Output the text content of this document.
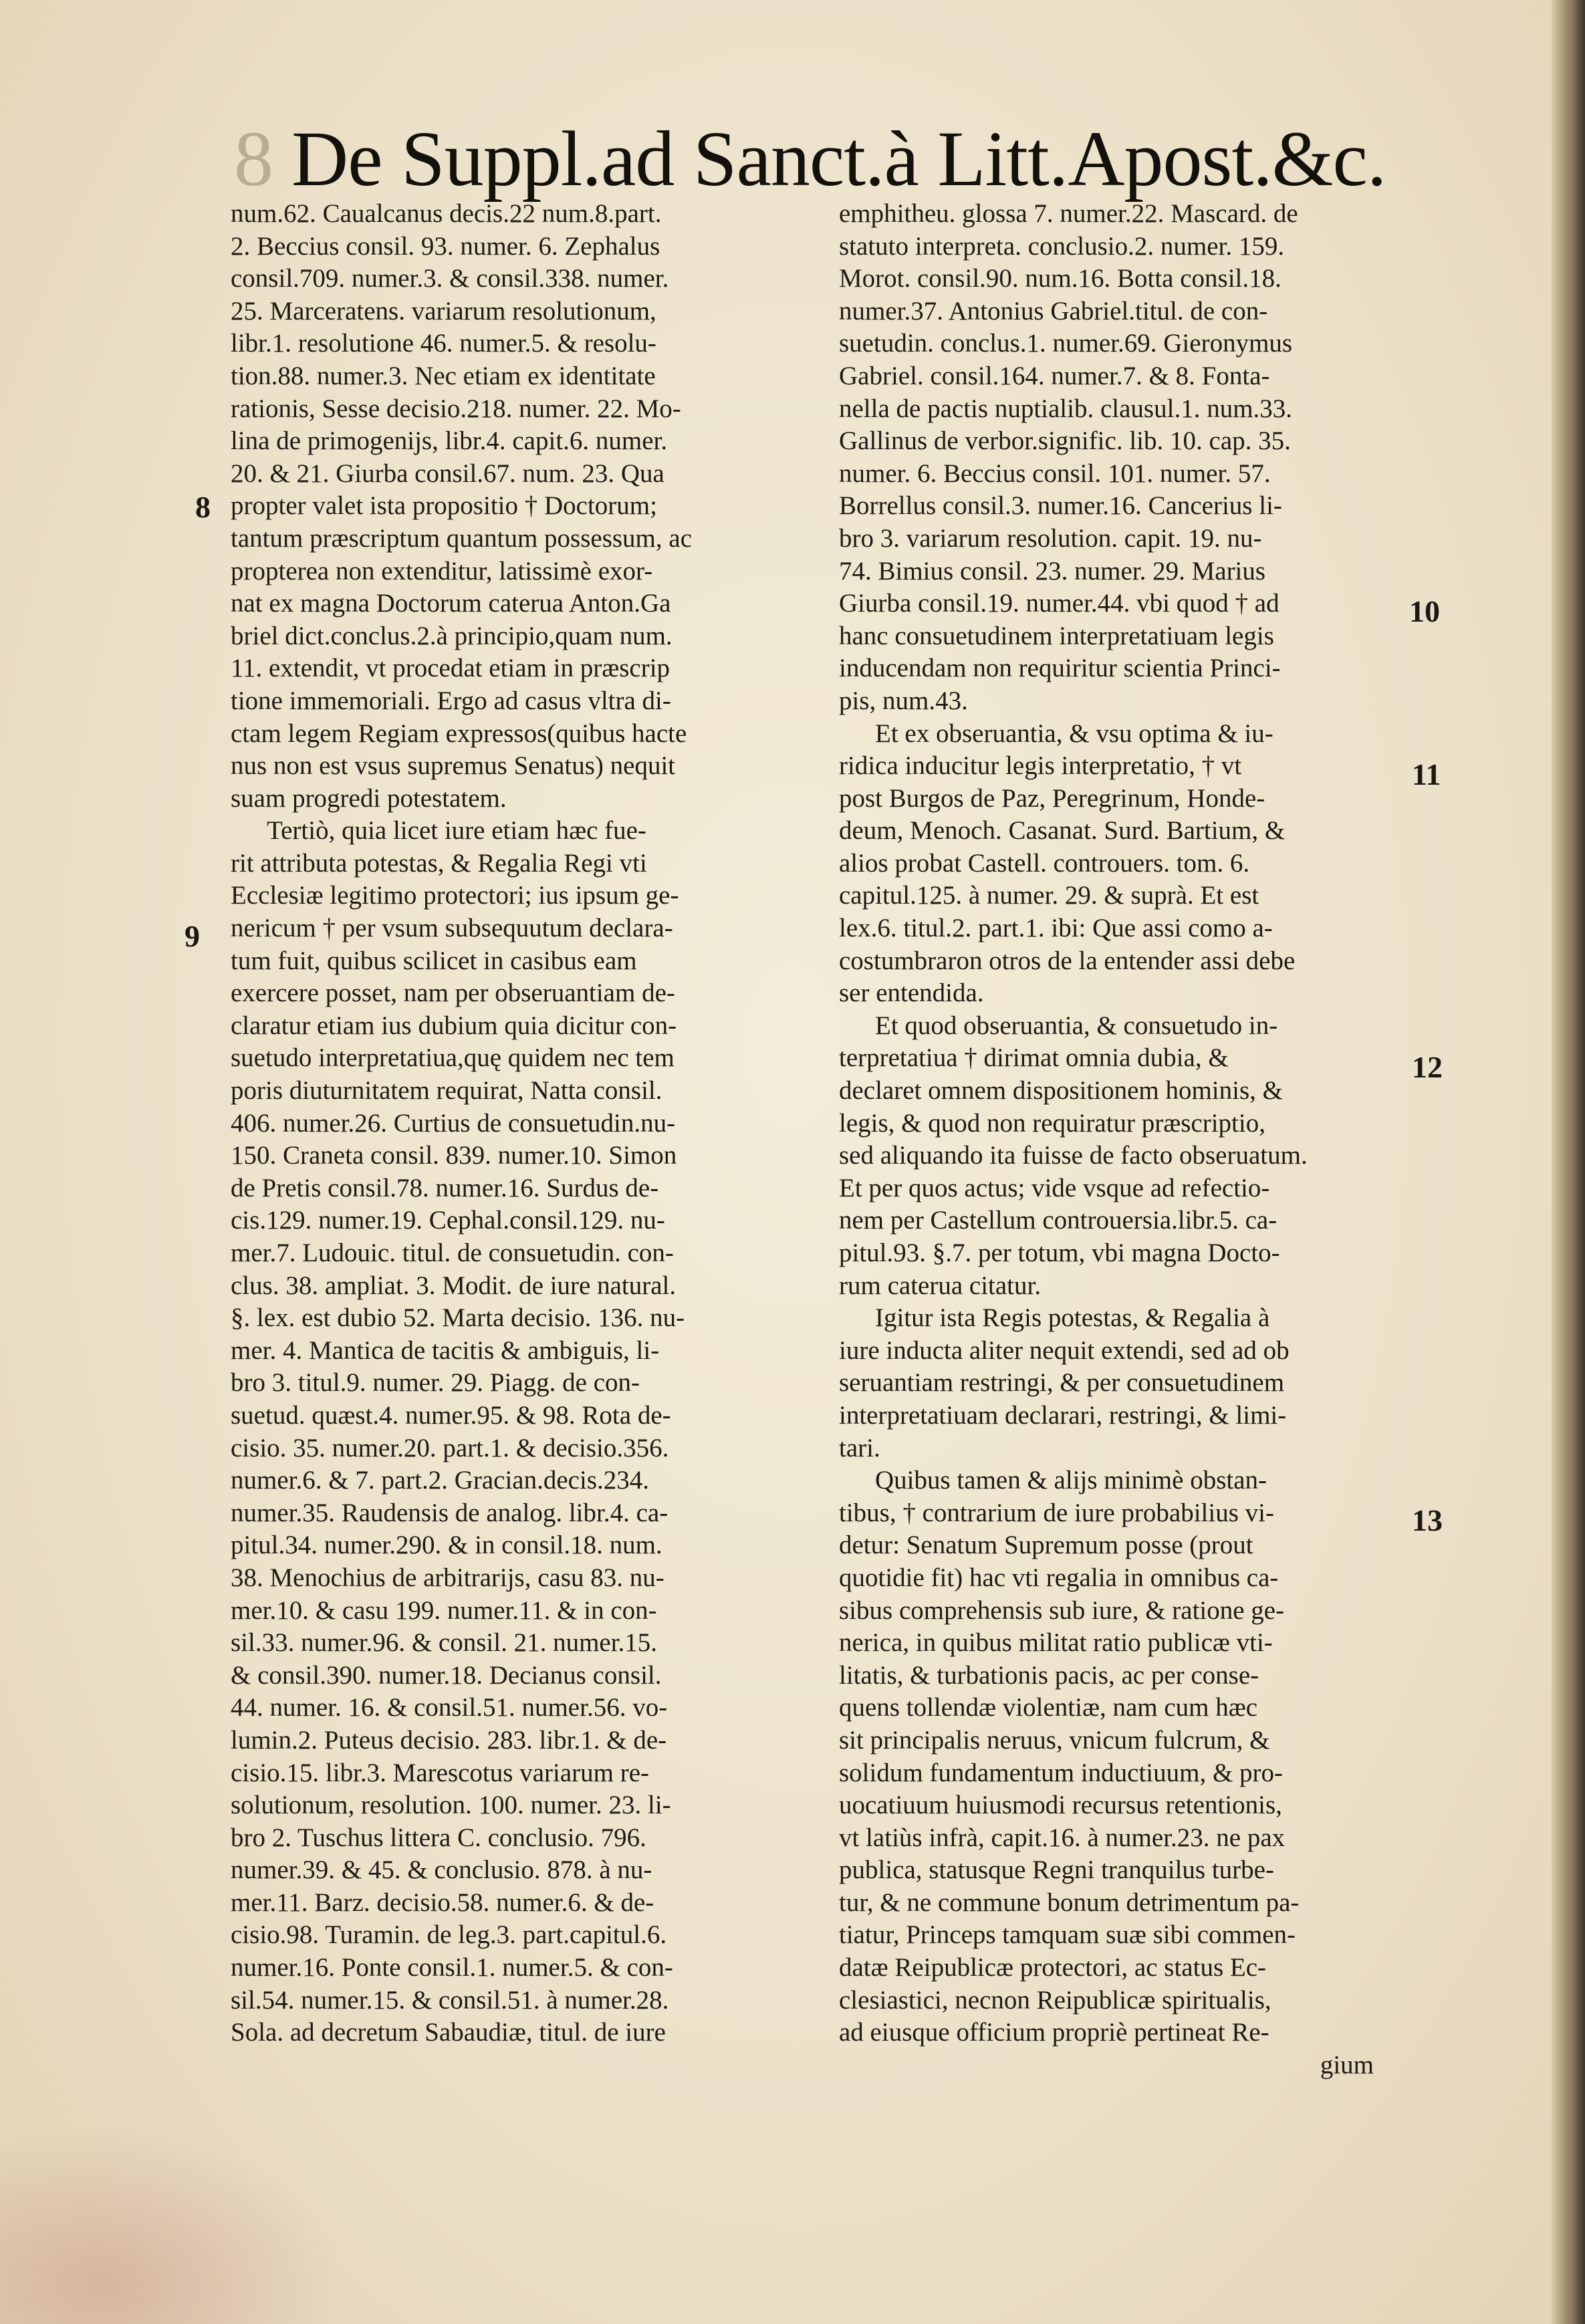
8 De Suppl.ad Sanct.à Litt.Apost.&c.
num.62. Caualcanus decis.22 num.8.part.
2. Beccius consil. 93. numer. 6. Zephalus
consil.709. numer.3. & consil.338. numer.
25. Marceratens. variarum resolutionum,
libr.1. resolutione 46. numer.5. & resolu-
tion.88. numer.3. Nec etiam ex identitate
rationis, Sesse decisio.218. numer. 22. Mo-
lina de primogenijs, libr.4. capit.6. numer.
20. & 21. Giurba consil.67. num. 23. Qua
propter valet ista propositio † Doctorum;
tantum præscriptum quantum possessum, ac
propterea non extenditur, latissimè exor-
nat ex magna Doctorum caterua Anton.Ga
briel dict.conclus.2.à principio,quam num.
11. extendit, vt procedat etiam in præscrip
tione immemoriali. Ergo ad casus vltra di-
ctam legem Regiam expressos(quibus hacte
nus non est vsus supremus Senatus) nequit
suam progredi potestatem.
Tertiò, quia licet iure etiam hæc fue-
rit attributa potestas, & Regalia Regi vti
Ecclesiæ legitimo protectori; ius ipsum ge-
nericum † per vsum subsequutum declara-
tum fuit, quibus scilicet in casibus eam
exercere posset, nam per obseruantiam de-
claratur etiam ius dubium quia dicitur con-
suetudo interpretatiua,quę quidem nec tem
poris diuturnitatem requirat, Natta consil.
406. numer.26. Curtius de consuetudin.nu-
150. Craneta consil. 839. numer.10. Simon
de Pretis consil.78. numer.16. Surdus de-
cis.129. numer.19. Cephal.consil.129. nu-
mer.7. Ludouic. titul. de consuetudin. con-
clus. 38. ampliat. 3. Modit. de iure natural.
§. lex. est dubio 52. Marta decisio. 136. nu-
mer. 4. Mantica de tacitis & ambiguis, li-
bro 3. titul.9. numer. 29. Piagg. de con-
suetud. quæst.4. numer.95. & 98. Rota de-
cisio. 35. numer.20. part.1. & decisio.356.
numer.6. & 7. part.2. Gracian.decis.234.
numer.35. Raudensis de analog. libr.4. ca-
pitul.34. numer.290. & in consil.18. num.
38. Menochius de arbitrarijs, casu 83. nu-
mer.10. & casu 199. numer.11. & in con-
sil.33. numer.96. & consil. 21. numer.15.
& consil.390. numer.18. Decianus consil.
44. numer. 16. & consil.51. numer.56. vo-
lumin.2. Puteus decisio. 283. libr.1. & de-
cisio.15. libr.3. Marescotus variarum re-
solutionum, resolution. 100. numer. 23. li-
bro 2. Tuschus littera C. conclusio. 796.
numer.39. & 45. & conclusio. 878. à nu-
mer.11. Barz. decisio.58. numer.6. & de-
cisio.98. Turamin. de leg.3. part.capitul.6.
numer.16. Ponte consil.1. numer.5. & con-
sil.54. numer.15. & consil.51. à numer.28.
Sola. ad decretum Sabaudiæ, titul. de iure
emphitheu. glossa 7. numer.22. Mascard. de
statuto interpreta. conclusio.2. numer. 159.
Morot. consil.90. num.16. Botta consil.18.
numer.37. Antonius Gabriel.titul. de con-
suetudin. conclus.1. numer.69. Gieronymus
Gabriel. consil.164. numer.7. & 8. Fonta-
nella de pactis nuptialib. clausul.1. num.33.
Gallinus de verbor.signific. lib. 10. cap. 35.
numer. 6. Beccius consil. 101. numer. 57.
Borrellus consil.3. numer.16. Cancerius li-
bro 3. variarum resolution. capit. 19. nu-
74. Bimius consil. 23. numer. 29. Marius
Giurba consil.19. numer.44. vbi quod † ad
hanc consuetudinem interpretatiuam legis
inducendam non requiritur scientia Princi-
pis, num.43.
Et ex obseruantia, & vsu optima & iu-
ridica inducitur legis interpretatio, † vt
post Burgos de Paz, Peregrinum, Honde-
deum, Menoch. Casanat. Surd. Bartium, &
alios probat Castell. controuers. tom. 6.
capitul.125. à numer. 29. & suprà. Et est
lex.6. titul.2. part.1. ibi: Que assi como a-
costumbraron otros de la entender assi debe
ser entendida.
Et quod obseruantia, & consuetudo in-
terpretatiua † dirimat omnia dubia, &
declaret omnem dispositionem hominis, &
legis, & quod non requiratur præscriptio,
sed aliquando ita fuisse de facto obseruatum.
Et per quos actus; vide vsque ad refectio-
nem per Castellum controuersia.libr.5. ca-
pitul.93. §.7. per totum, vbi magna Docto-
rum caterua citatur.
Igitur ista Regis potestas, & Regalia à
iure inducta aliter nequit extendi, sed ad ob
seruantiam restringi, & per consuetudinem
interpretatiuam declarari, restringi, & limi-
tari.
Quibus tamen & alijs minimè obstan-
tibus, † contrarium de iure probabilius vi-
detur: Senatum Supremum posse (prout
quotidie fit) hac vti regalia in omnibus ca-
sibus comprehensis sub iure, & ratione ge-
nerica, in quibus militat ratio publicæ vti-
litatis, & turbationis pacis, ac per conse-
quens tollendæ violentiæ, nam cum hæc
sit principalis neruus, vnicum fulcrum, &
solidum fundamentum inductiuum, & pro-
uocatiuum huiusmodi recursus retentionis,
vt latiùs infrà, capit.16. à numer.23. ne pax
publica, statusque Regni tranquilus turbe-
tur, & ne commune bonum detrimentum pa-
tiatur, Princeps tamquam suæ sibi commen-
datæ Reipublicæ protectori, ac status Ec-
clesiastici, necnon Reipublicæ spiritualis,
ad eiusque officium propriè pertineat Re-
gium
8
9
10
11
12
13
